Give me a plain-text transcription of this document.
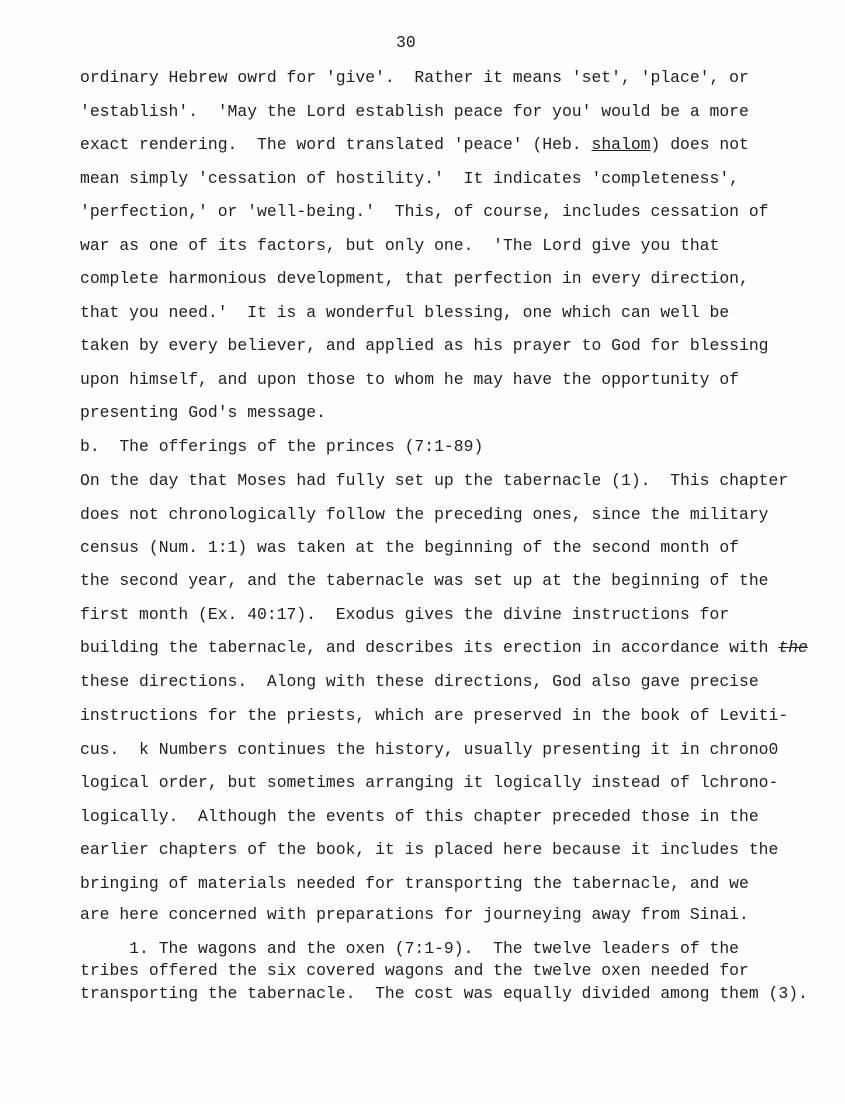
30
ordinary Hebrew owrd for 'give'.  Rather it means 'set', 'place', or
'establish'.  'May the Lord establish peace for you' would be a more
exact rendering.  The word translated 'peace' (Heb. shalom) does not
mean simply 'cessation of hostility.'  It indicates 'completeness',
'perfection,' or 'well-being.'  This, of course, includes cessation of
war as one of its factors, but only one.  'The Lord give you that
complete harmonious development, that perfection in every direction,
that you need.'  It is a wonderful blessing, one which can well be
taken by every believer, and applied as his prayer to God for blessing
upon himself, and upon those to whom he may have the opportunity of
presenting God's message.
b.  The offerings of the princes (7:1-89)
On the day that Moses had fully set up the tabernacle (1).  This chapter
does not chronologically follow the preceding ones, since the military
census (Num. 1:1) was taken at the beginning of the second month of
the second year, and the tabernacle was set up at the beginning of the
first month (Ex. 40:17).  Exodus gives the divine instructions for
building the tabernacle, and describes its erection in accordance with the
these directions.  Along with these directions, God also gave precise
instructions for the priests, which are preserved in the book of Leviti-
cus.  k Numbers continues the history, usually presenting it in chrono0
logical order, but sometimes arranging it logically instead of lchrono-
logically.  Although the events of this chapter preceded those in the
earlier chapters of the book, it is placed here because it includes the
bringing of materials needed for transporting the tabernacle, and we
are here concerned with preparations for journeying away from Sinai.
1. The wagons and the oxen (7:1-9).  The twelve leaders of the
tribes offered the six covered wagons and the twelve oxen needed for
transporting the tabernacle.  The cost was equally divided among them (3).
